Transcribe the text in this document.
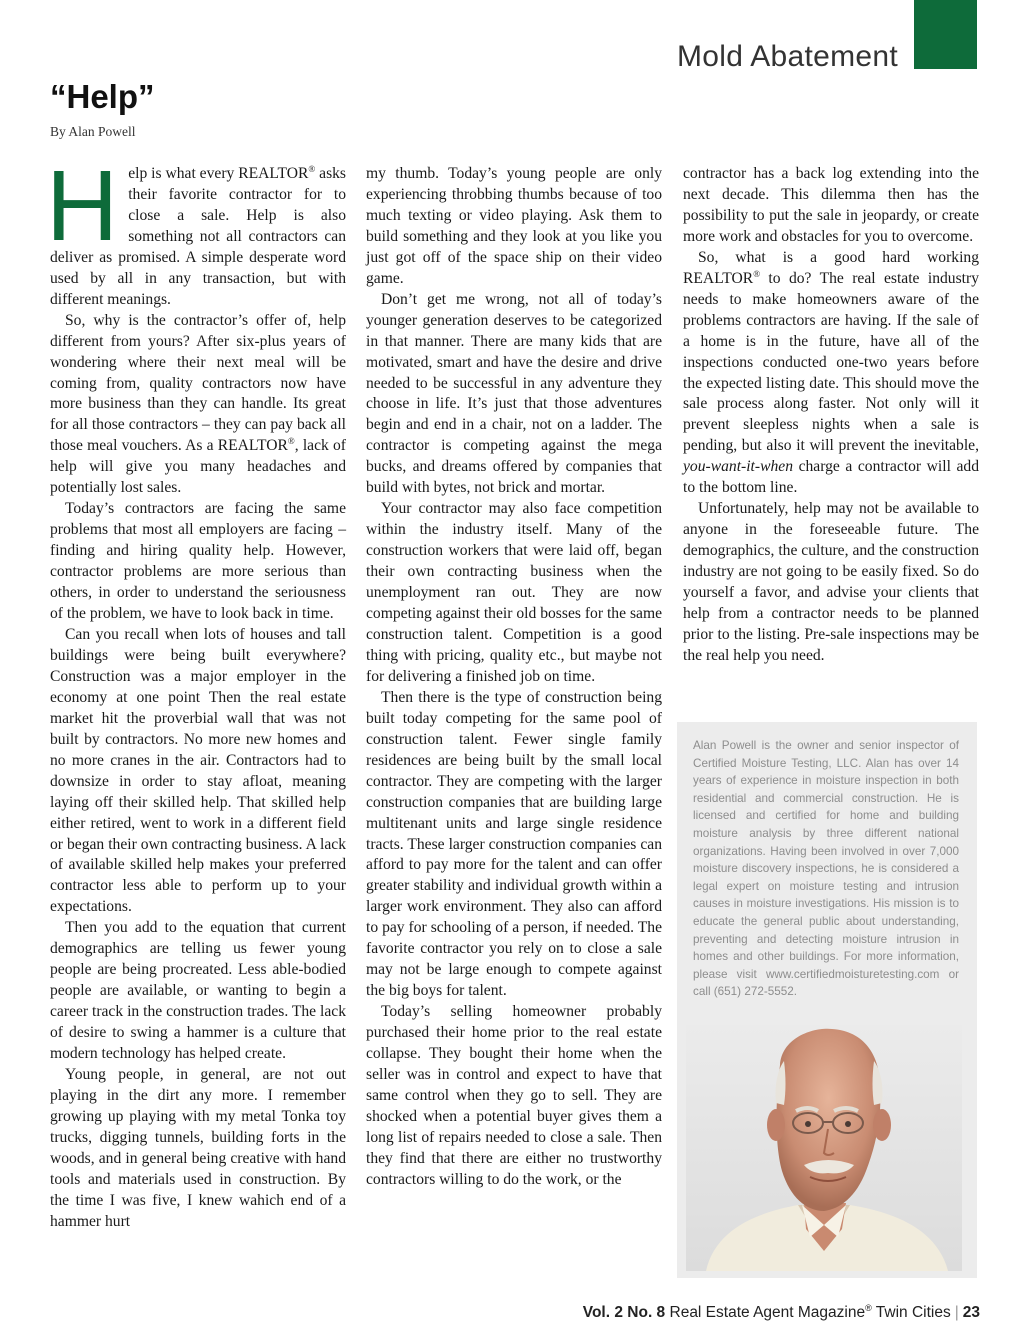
Mold Abatement
“Help”
By Alan Powell

Help is what every REALTOR® asks their favorite contractor for to close a sale. Help is also something not all contractors can deliver as promised. A simple desperate word used by all in any transaction, but with different meanings.

So, why is the contractor’s offer of, help different from yours? After six-plus years of wondering where their next meal will be coming from, quality contractors now have more business than they can handle. Its great for all those contractors – they can pay back all those meal vouchers. As a REALTOR®, lack of help will give you many headaches and potentially lost sales.

Today’s contractors are facing the same problems that most all employers are facing – finding and hiring quality help. However, contractor problems are more serious than others, in order to understand the seriousness of the problem, we have to look back in time.

Can you recall when lots of houses and tall buildings were being built everywhere? Construction was a major employer in the economy at one point Then the real estate market hit the proverbial wall that was not built by contractors. No more new homes and no more cranes in the air. Contractors had to downsize in order to stay afloat, meaning laying off their skilled help. That skilled help either retired, went to work in a different field or began their own contracting business. A lack of available skilled help makes your preferred contractor less able to perform up to your expectations.

Then you add to the equation that current demographics are telling us fewer young people are being procreated. Less able-bodied people are available, or wanting to begin a career track in the construction trades. The lack of desire to swing a hammer is a culture that modern technology has helped create.

Young people, in general, are not out playing in the dirt any more. I remember growing up playing with my metal Tonka toy trucks, digging tunnels, building forts in the woods, and in general being creative with hand tools and materials used in construction. By the time I was five, I knew wahich end of a hammer hurt

my thumb. Today’s young people are only experiencing throbbing thumbs because of too much texting or video playing. Ask them to build something and they look at you like you just got off of the space ship on their video game.

Don’t get me wrong, not all of today’s younger generation deserves to be categorized in that manner. There are many kids that are motivated, smart and have the desire and drive needed to be successful in any adventure they choose in life. It’s just that those adventures begin and end in a chair, not on a ladder. The contractor is competing against the mega bucks, and dreams offered by companies that build with bytes, not brick and mortar.

Your contractor may also face competition within the industry itself. Many of the construction workers that were laid off, began their own contracting business when the unemployment ran out. They are now competing against their old bosses for the same construction talent. Competition is a good thing with pricing, quality etc., but maybe not for delivering a finished job on time.

Then there is the type of construction being built today competing for the same pool of construction talent. Fewer single family residences are being built by the small local contractor. They are competing with the larger construction companies that are building large multitenant units and large single residence tracts. These larger construction companies can afford to pay more for the talent and can offer greater stability and individual growth within a larger work environment. They also can afford to pay for schooling of a person, if needed. The favorite contractor you rely on to close a sale may not be large enough to compete against the big boys for talent.

Today’s selling homeowner probably purchased their home prior to the real estate collapse. They bought their home when the seller was in control and expect to have that same control when they go to sell. They are shocked when a potential buyer gives them a long list of repairs needed to close a sale. Then they find that there are either no trustworthy contractors willing to do the work, or the

contractor has a back log extending into the next decade. This dilemma then has the possibility to put the sale in jeopardy, or create more work and obstacles for you to overcome.

So, what is a good hard working REALTOR® to do? The real estate industry needs to make homeowners aware of the problems contractors are having. If the sale of a home is in the future, have all of the inspections conducted one-two years before the expected listing date. This should move the sale process along faster. Not only will it prevent sleepless nights when a sale is pending, but also it will prevent the inevitable, you-want-it-when charge a contractor will add to the bottom line.

Unfortunately, help may not be available to anyone in the foreseeable future. The demographics, the culture, and the construction industry are not going to be easily fixed. So do yourself a favor, and advise your clients that help from a contractor needs to be planned prior to the listing. Pre-sale inspections may be the real help you need.

Alan Powell is the owner and senior inspector of Certified Moisture Testing, LLC. Alan has over 14 years of experience in moisture inspection in both residential and commercial construction. He is licensed and certified for home and building moisture analysis by three different national organizations. Having been involved in over 7,000 moisture discovery inspections, he is considered a legal expert on moisture testing and intrusion causes in moisture investigations. His mission is to educate the general public about understanding, preventing and detecting moisture intrusion in homes and other buildings. For more information, please visit www.certifiedmoisturetesting.com or call (651) 272-5552.

Vol. 2 No. 8 Real Estate Agent Magazine® Twin Cities | 23
